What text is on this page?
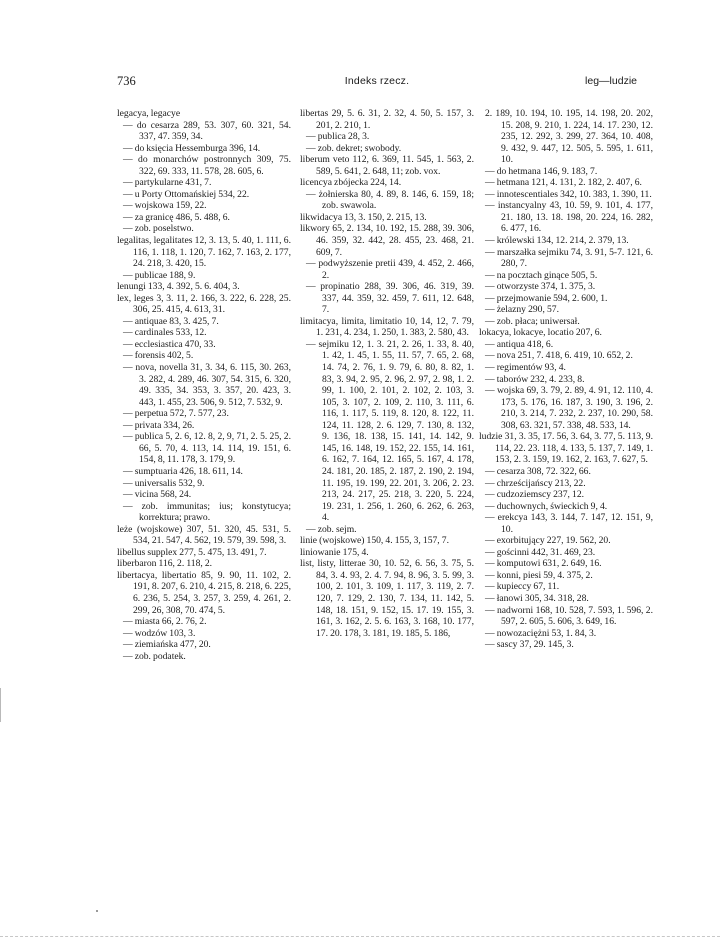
736	Indeks rzecz.	leg—ludzie

legacya, legacye

— do cesarza 289, 53. 307, 60. 321, 54. 337, 47. 359, 34.

— do księcia Hessemburga 396, 14.

— do monarchów postronnych 309, 75. 322, 69. 333, 11. 578, 28. 605, 6.

— partykularne 431, 7.

— u Porty Ottomańskiej 534, 22.

— wojskowa 159, 22.

— za granicę 486, 5. 488, 6.

— zob. poselstwo.

legalitas, legalitates 12, 3. 13, 5. 40, 1. 111, 6. 116, 1. 118, 1. 120, 7. 162, 7. 163, 2. 177, 24. 218, 3. 420, 15.

— publicae 188, 9.

lenungi 133, 4. 392, 5. 6. 404, 3.

lex, leges 3, 3. 11, 2. 166, 3. 222, 6. 228, 25. 306, 25. 415, 4. 613, 31.

— antiquae 83, 3. 425, 7.

— cardinales 533, 12.

— ecclesiastica 470, 33.

— forensis 402, 5.

— nova, novella 31, 3. 34, 6. 115, 30. 263, 3. 282, 4. 289, 46. 307, 54. 315, 6. 320, 49. 335, 34. 353, 3. 357, 20. 423, 3. 443, 1. 455, 23. 506, 9. 512, 7. 532, 9.

— perpetua 572, 7. 577, 23.

— privata 334, 26.

— publica 5, 2. 6, 12. 8, 2, 9, 71, 2. 5. 25, 2. 66, 5. 70, 4. 113, 14. 114, 19. 151, 6. 154, 8, 11. 178, 3. 179, 9.

— sumptuaria 426, 18. 611, 14.

— universalis 532, 9.

— vicina 568, 24.

— zob. immunitas; ius; konstytucya; korrektura; prawo.

leże (wojskowe) 307, 51. 320, 45. 531, 5. 534, 21. 547, 4. 562, 19. 579, 39. 598, 3.

libellus supplex 277, 5. 475, 13. 491, 7.

liberbaron 116, 2. 118, 2.

libertacya, libertatio 85, 9. 90, 11. 102, 2. 191, 8. 207, 6. 210, 4. 215, 8. 218, 6. 225, 6. 236, 5. 254, 3. 257, 3. 259, 4. 261, 2. 299, 26, 308, 70. 474, 5.

— miasta 66, 2. 76, 2.

— wodzów 103, 3.

— ziemiańska 477, 20.

— zob. podatek.

libertas 29, 5. 6. 31, 2. 32, 4. 50, 5. 157, 3. 201, 2. 210, 1.

— publica 28, 3.

— zob. dekret; swobody.

liberum veto 112, 6. 369, 11. 545, 1. 563, 2. 589, 5. 641, 2. 648, 11; zob. vox.

licencya zbójecka 224, 14.

— żołnierska 80, 4. 89, 8. 146, 6. 159, 18; zob. swawola.

likwidacya 13, 3. 150, 2. 215, 13.

likwory 65, 2. 134, 10. 192, 15. 288, 39. 306, 46. 359, 32. 442, 28. 455, 23. 468, 21. 609, 7.

— podwyższenie pretii 439, 4. 452, 2. 466, 2.

— propinatio 288, 39. 306, 46. 319, 39. 337, 44. 359, 32. 459, 7. 611, 12. 648, 7.

limitacya, limita, limitatio 10, 14, 12, 7. 79, 1. 231, 4. 234, 1. 250, 1. 383, 2. 580, 43.

— sejmiku 12, 1. 3. 21, 2. 26, 1. 33, 8. 40, 1. 42, 1. 45, 1. 55, 11. 57, 7. 65, 2. 68, 14. 74, 2. 76, 1. 9. 79, 6. 80, 8. 82, 1. 83, 3. 94, 2. 95, 2. 96, 2. 97, 2. 98, 1. 2. 99, 1. 100, 2. 101, 2. 102, 2. 103, 3. 105, 3. 107, 2. 109, 2. 110, 3. 111, 6. 116, 1. 117, 5. 119, 8. 120, 8. 122, 11. 124, 11. 128, 2. 6. 129, 7. 130, 8. 132, 9. 136, 18. 138, 15. 141, 14. 142, 9. 145, 16. 148, 19. 152, 22. 155, 14. 161, 6. 162, 7. 164, 12. 165, 5. 167, 4. 178, 24. 181, 20. 185, 2. 187, 2. 190, 2. 194, 11. 195, 19. 199, 22. 201, 3. 206, 2. 23. 213, 24. 217, 25. 218, 3. 220, 5. 224, 19. 231, 1. 256, 1. 260, 6. 262, 6. 263, 4.

— zob. sejm.

linie (wojskowe) 150, 4. 155, 3, 157, 7.

liniowanie 175, 4.

list, listy, litterae 30, 10. 52, 6. 56, 3. 75, 5. 84, 3. 4. 93, 2. 4. 7. 94, 8. 96, 3. 5. 99, 3. 100, 2. 101, 3. 109, 1. 117, 3. 119, 2. 7. 120, 7. 129, 2. 130, 7. 134, 11. 142, 5. 148, 18. 151, 9. 152, 15. 17. 19. 155, 3. 161, 3. 162, 2. 5. 6. 163, 3. 168, 10. 177, 17. 20. 178, 3. 181, 19. 185, 5. 186,

2. 189, 10. 194, 10. 195, 14. 198, 20. 202, 15. 208, 9. 210, 1. 224, 14. 17. 230, 12. 235, 12. 292, 3. 299, 27. 364, 10. 408, 9. 432, 9. 447, 12. 505, 5. 595, 1. 611, 10.

— do hetmana 146, 9. 183, 7.

— hetmana 121, 4. 131, 2. 182, 2. 407, 6.

— innotescentiales 342, 10. 383, 1. 390, 11.

— instancyalny 43, 10. 59, 9. 101, 4. 177, 21. 180, 13. 18. 198, 20. 224, 16. 282, 6. 477, 16.

— królewski 134, 12. 214, 2. 379, 13.

— marszałka sejmiku 74, 3. 91, 5-7. 121, 6. 280, 7.

— na pocztach ginące 505, 5.

— otworzyste 374, 1. 375, 3.

— przejmowanie 594, 2. 600, 1.

— żelazny 290, 57.

— zob. płaca; uniwersał.

lokacya, lokacye, locatio 207, 6.

— antiqua 418, 6.

— nova 251, 7. 418, 6. 419, 10. 652, 2.

— regimentów 93, 4.

— taborów 232, 4. 233, 8.

— wojska 69, 3. 79, 2. 89, 4. 91, 12. 110, 4. 173, 5. 176, 16. 187, 3. 190, 3. 196, 2. 210, 3. 214, 7. 232, 2. 237, 10. 290, 58. 308, 63. 321, 57. 338, 48. 533, 14.

ludzie 31, 3. 35, 17. 56, 3. 64, 3. 77, 5. 113, 9. 114, 22. 23. 118, 4. 133, 5. 137, 7. 149, 1. 153, 2. 3. 159, 19. 162, 2. 163, 7. 627, 5.

— cesarza 308, 72. 322, 66.

— chrześcijańscy 213, 22.

— cudzoziemscy 237, 12.

— duchownych, świeckich 9, 4.

— erekcya 143, 3. 144, 7. 147, 12. 151, 9, 10.

— exorbitujący 227, 19. 562, 20.

— gościnni 442, 31. 469, 23.

— komputowi 631, 2. 649, 16.

— konni, piesi 59, 4. 375, 2.

— kupieccy 67, 11.

— łanowi 305, 34. 318, 28.

— nadworni 168, 10. 528, 7. 593, 1. 596, 2. 597, 2. 605, 5. 606, 3. 649, 16.

— nowozaciężni 53, 1. 84, 3.

— sascy 37, 29. 145, 3.
